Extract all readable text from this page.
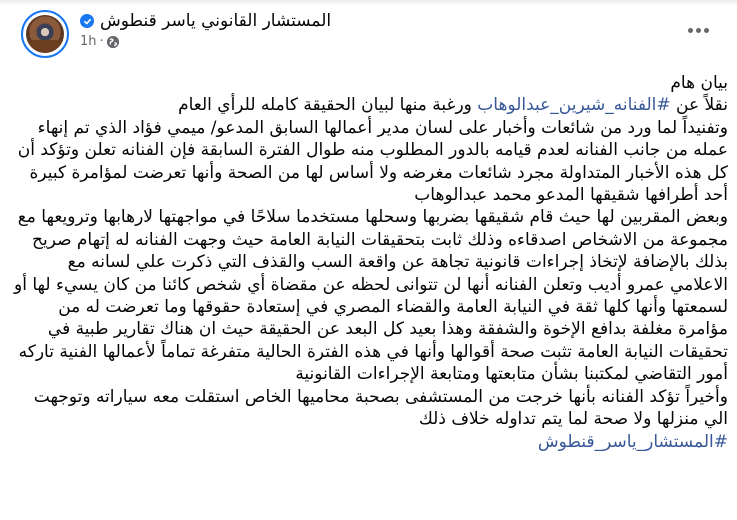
المستشار القانوني ياسر قنطوش
1h ·

بيان هام

نقلاً عن #الفنانه_شيرين_عبدالوهاب ورغبة منها لبيان الحقيقة كامله للرأي العام

وتفنيداً لما ورد من شائعات وأخبار على لسان مدير أعمالها السابق المدعو/ ميمي فؤاد الذي تم إنهاء عمله من جانب الفنانه لعدم قيامه بالدور المطلوب منه طوال الفترة السابقة فإن الفنانه تعلن وتؤكد أن كل هذه الأخبار المتداولة مجرد شائعات مغرضه ولا أساس لها من الصحة وأنها تعرضت لمؤامرة كبيرة أحد أطرافها شقيقها المدعو محمد عبدالوهاب

وبعض المقربين لها حيث قام شقيقها بضربها وسحلها مستخدما سلاحًا في مواجهتها لارهابها وترويعها مع مجموعة من الاشخاص اصدقاءه وذلك ثابت بتحقيقات النيابة العامة حيث وجهت الفنانه له إتهام صريح بذلك بالإضافة لإتخاذ إجراءات قانونية تجاهة عن واقعة السب والقذف التي ذكرت علي لسانه مع الاعلامي عمرو أديب وتعلن الفنانه أنها لن تتوانى لحظه عن مقضاة أي شخص كائنا من كان يسيء لها أو لسمعتها وأنها كلها ثقة في النيابة العامة والقضاء المصري في إستعادة حقوقها وما تعرضت له من مؤامرة مغلفة بدافع الإخوة والشفقة وهذا بعيد كل البعد عن الحقيقة حيث ان هناك تقارير طبية في تحقيقات النيابة العامة تثبت صحة أقوالها وأنها في هذه الفترة الحالية متفرغة تماماً لأعمالها الفنية تاركه أمور التقاضي لمكتبنا بشأن متابعتها ومتابعة الإجراءات القانونية

وأخيراً تؤكد الفنانه بأنها خرجت من المستشفى بصحبة محاميها الخاص استقلت معه سياراته وتوجهت الي منزلها ولا صحة لما يتم تداوله خلاف ذلك

#المستشار_ياسر_قنطوش
